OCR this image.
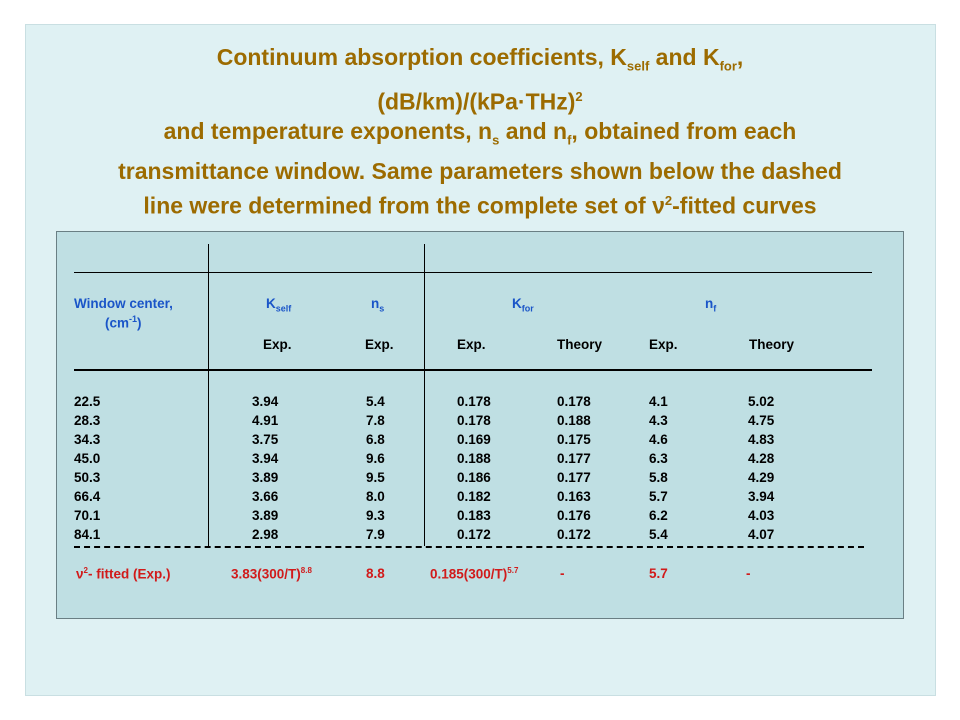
Continuum absorption coefficients, $K_{self}$ and $K_{for}$,
$(dB/km)/(kPa\cdot THz)^2$
and temperature exponents, $n_s$ and $n_f$, obtained from each
transmittance window. Same parameters shown below the dashed
line were determined from the complete set of $\nu^2$-fitted curves
Window center,
$(cm^{-1})$
$K_{self}$	$n_s$	$K_{for}$	$n_f$
Exp.	Exp.	Exp.	Theory	Exp.	Theory
22.5	3.94	5.4	0.178	0.178	4.1	5.02
28.3	4.91	7.8	0.178	0.188	4.3	4.75
34.3	3.75	6.8	0.169	0.175	4.6	4.83
45.0	3.94	9.6	0.188	0.177	6.3	4.28
50.3	3.89	9.5	0.186	0.177	5.8	4.29
66.4	3.66	8.0	0.182	0.163	5.7	3.94
70.1	3.89	9.3	0.183	0.176	6.2	4.03
84.1	2.98	7.9	0.172	0.172	5.4	4.07
$\nu^2-$ fitted (Exp.)	$3.83(300/T)^{8.8}$	8.8	$0.185(300/T)^{5.7}$	-	5.7	-
